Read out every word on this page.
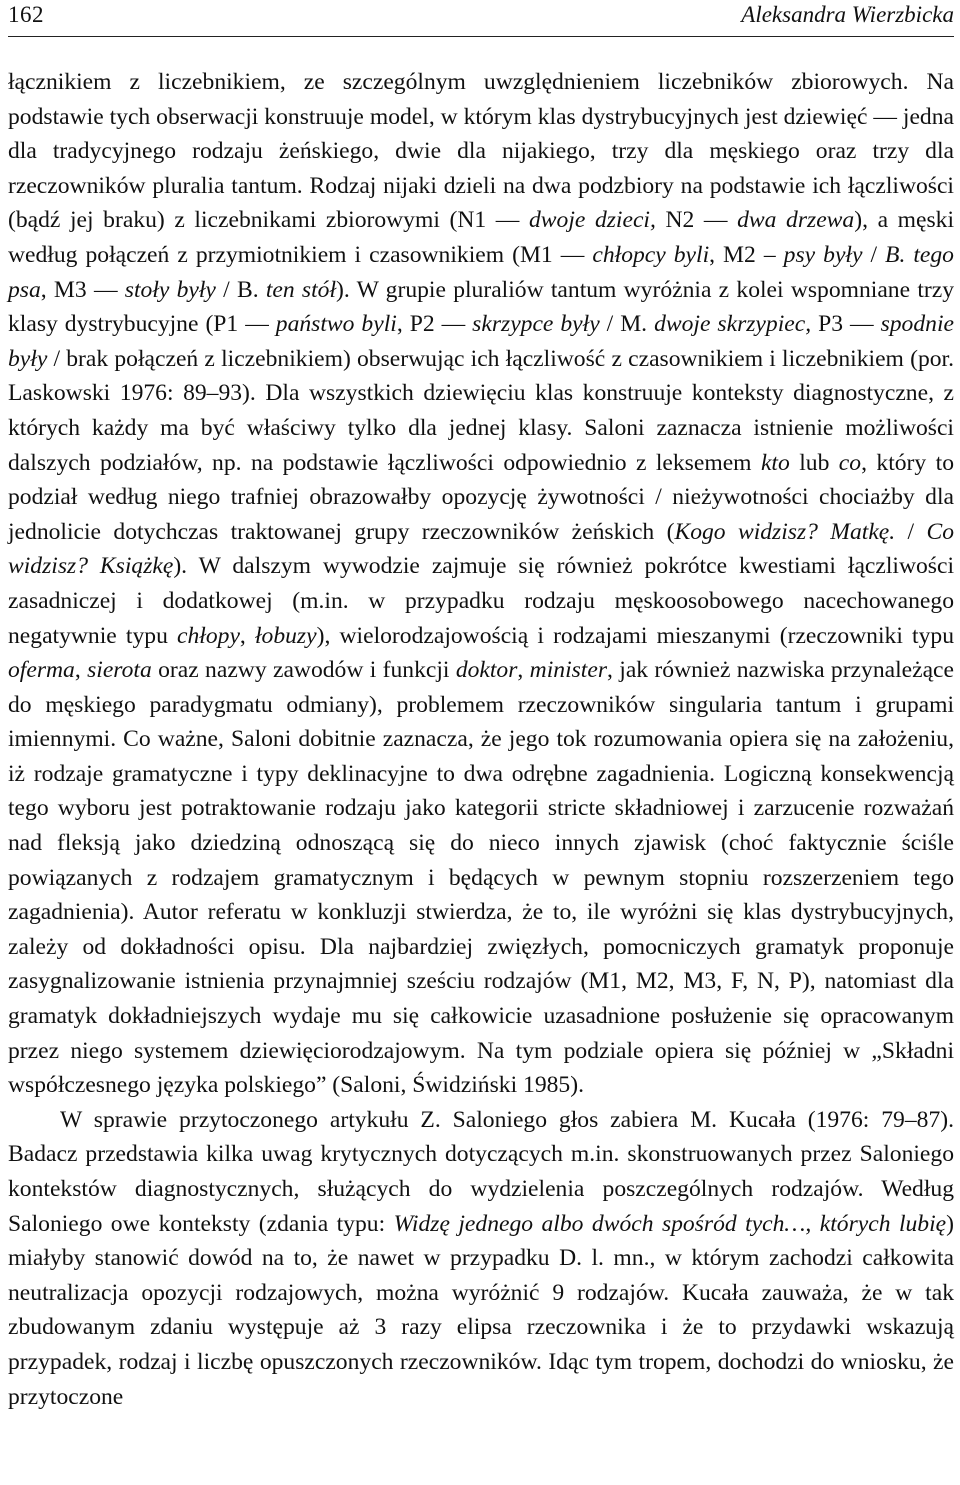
162	Aleksandra Wierzbicka

łącznikiem z liczebnikiem, ze szczególnym uwzględnieniem liczebników zbiorowych. Na podstawie tych obserwacji konstruuje model, w którym klas dystrybucyjnych jest dziewięć — jedna dla tradycyjnego rodzaju żeńskiego, dwie dla nijakiego, trzy dla męskiego oraz trzy dla rzeczowników pluralia tantum. Rodzaj nijaki dzieli na dwa podzbiory na podstawie ich łączliwości (bądź jej braku) z liczebnikami zbiorowymi (N1 — dwoje dzieci, N2 — dwa drzewa), a męski według połączeń z przymiotnikiem i czasownikiem (M1 — chłopcy byli, M2 – psy były / B. tego psa, M3 — stoły były / B. ten stół). W grupie pluraliów tantum wyróżnia z kolei wspomniane trzy klasy dystrybucyjne (P1 — państwo byli, P2 — skrzypce były / M. dwoje skrzypiec, P3 — spodnie były / brak połączeń z liczebnikiem) obserwując ich łączliwość z czasownikiem i liczebnikiem (por. Laskowski 1976: 89–93). Dla wszystkich dziewięciu klas konstruuje konteksty diagnostyczne, z których każdy ma być właściwy tylko dla jednej klasy. Saloni zaznacza istnienie możliwości dalszych podziałów, np. na podstawie łączliwości odpowiednio z leksemem kto lub co, który to podział według niego trafniej obrazowałby opozycję żywotności / nieżywotności chociażby dla jednolicie dotychczas traktowanej grupy rzeczowników żeńskich (Kogo widzisz? Matkę. / Co widzisz? Książkę). W dalszym wywodzie zajmuje się również pokrótce kwestiami łączliwości zasadniczej i dodatkowej (m.in. w przypadku rodzaju męskoosobowego nacechowanego negatywnie typu chłopy, łobuzy), wielorodzajowością i rodzajami mieszanymi (rzeczowniki typu oferma, sierota oraz nazwy zawodów i funkcji doktor, minister, jak również nazwiska przynależące do męskiego paradygmatu odmiany), problemem rzeczowników singularia tantum i grupami imiennymi. Co ważne, Saloni dobitnie zaznacza, że jego tok rozumowania opiera się na założeniu, iż rodzaje gramatyczne i typy deklinacyjne to dwa odrębne zagadnienia. Logiczną konsekwencją tego wyboru jest potraktowanie rodzaju jako kategorii stricte składniowej i zarzucenie rozważań nad fleksją jako dziedziną odnoszącą się do nieco innych zjawisk (choć faktycznie ściśle powiązanych z rodzajem gramatycznym i będących w pewnym stopniu rozszerzeniem tego zagadnienia). Autor referatu w konkluzji stwierdza, że to, ile wyróżni się klas dystrybucyjnych, zależy od dokładności opisu. Dla najbardziej zwięzłych, pomocniczych gramatyk proponuje zasygnalizowanie istnienia przynajmniej sześciu rodzajów (M1, M2, M3, F, N, P), natomiast dla gramatyk dokładniejszych wydaje mu się całkowicie uzasadnione posłużenie się opracowanym przez niego systemem dziewięciorodzajowym. Na tym podziale opiera się później w „Składni współczesnego języka polskiego” (Saloni, Świdziński 1985).

W sprawie przytoczonego artykułu Z. Saloniego głos zabiera M. Kucała (1976: 79–87). Badacz przedstawia kilka uwag krytycznych dotyczących m.in. skonstruowanych przez Saloniego kontekstów diagnostycznych, służących do wydzielenia poszczególnych rodzajów. Według Saloniego owe konteksty (zdania typu: Widzę jednego albo dwóch spośród tych…, których lubię) miałyby stanowić dowód na to, że nawet w przypadku D. l. mn., w którym zachodzi całkowita neutralizacja opozycji rodzajowych, można wyróżnić 9 rodzajów. Kucała zauważa, że w tak zbudowanym zdaniu występuje aż 3 razy elipsa rzeczownika i że to przydawki wskazują przypadek, rodzaj i liczbę opuszczonych rzeczowników. Idąc tym tropem, dochodzi do wniosku, że przytoczone
